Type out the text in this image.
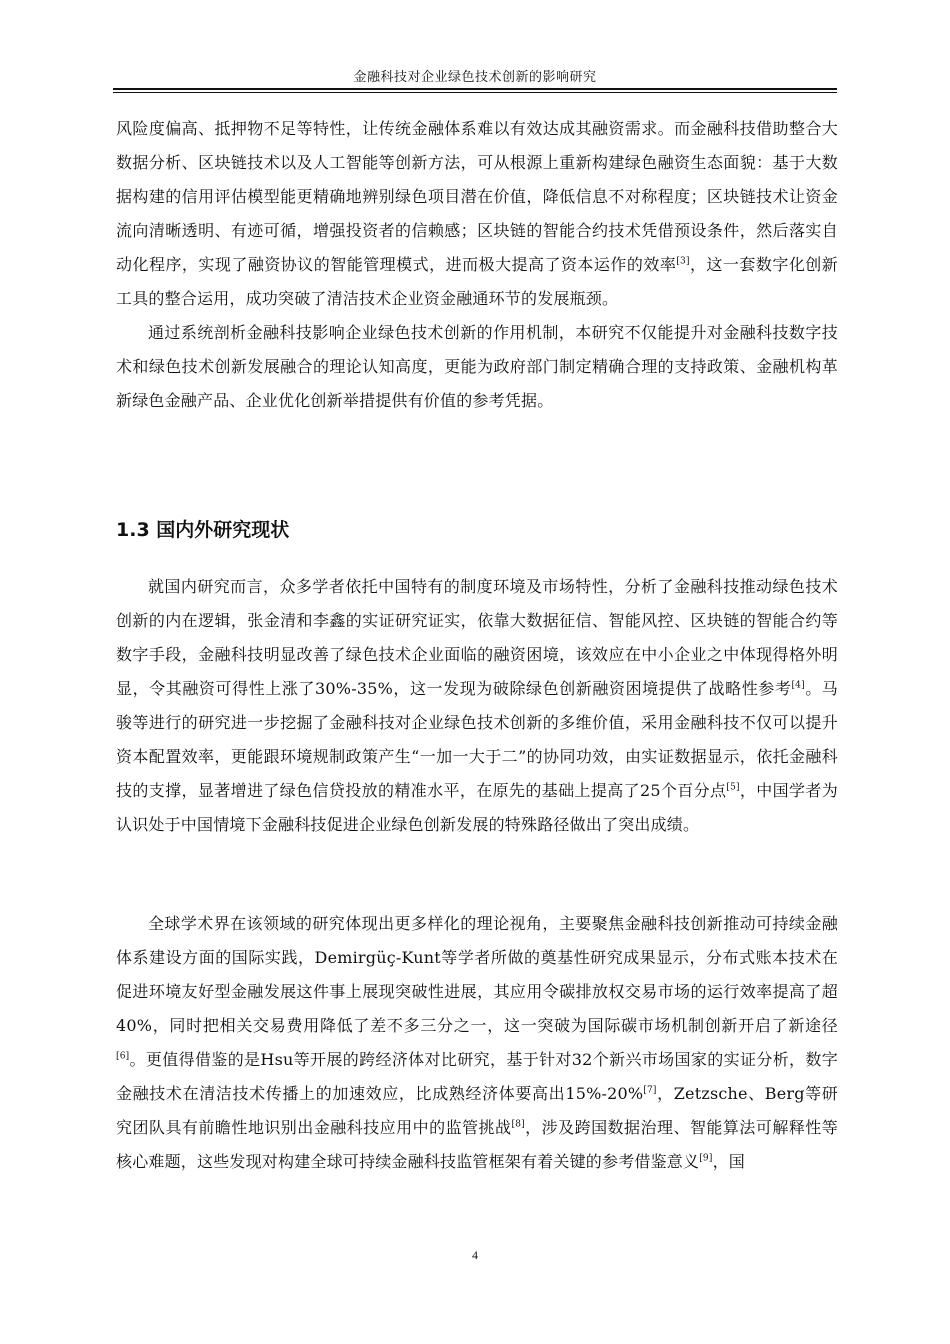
金融科技对企业绿色技术创新的影响研究

风险度偏高、抵押物不足等特性，让传统金融体系难以有效达成其融资需求。而金融科技借助整合大数据分析、区块链技术以及人工智能等创新方法，可从根源上重新构建绿色融资生态面貌：基于大数据构建的信用评估模型能更精确地辨别绿色项目潜在价值，降低信息不对称程度；区块链技术让资金流向清晰透明、有迹可循，增强投资者的信赖感；区块链的智能合约技术凭借预设条件，然后落实自动化程序，实现了融资协议的智能管理模式，进而极大提高了资本运作的效率[3]，这一套数字化创新工具的整合运用，成功突破了清洁技术企业资金融通环节的发展瓶颈。

通过系统剖析金融科技影响企业绿色技术创新的作用机制，本研究不仅能提升对金融科技数字技术和绿色技术创新发展融合的理论认知高度，更能为政府部门制定精确合理的支持政策、金融机构革新绿色金融产品、企业优化创新举措提供有价值的参考凭据。

1.3 国内外研究现状

就国内研究而言，众多学者依托中国特有的制度环境及市场特性，分析了金融科技推动绿色技术创新的内在逻辑，张金清和李鑫的实证研究证实，依靠大数据征信、智能风控、区块链的智能合约等数字手段，金融科技明显改善了绿色技术企业面临的融资困境，该效应在中小企业之中体现得格外明显，令其融资可得性上涨了30%-35%，这一发现为破除绿色创新融资困境提供了战略性参考[4]。马骏等进行的研究进一步挖掘了金融科技对企业绿色技术创新的多维价值，采用金融科技不仅可以提升资本配置效率，更能跟环境规制政策产生“一加一大于二”的协同功效，由实证数据显示，依托金融科技的支撑，显著增进了绿色信贷投放的精准水平，在原先的基础上提高了25个百分点[5]，中国学者为认识处于中国情境下金融科技促进企业绿色创新发展的特殊路径做出了突出成绩。

全球学术界在该领域的研究体现出更多样化的理论视角，主要聚焦金融科技创新推动可持续金融体系建设方面的国际实践，Demirgüç-Kunt等学者所做的奠基性研究成果显示，分布式账本技术在促进环境友好型金融发展这件事上展现突破性进展，其应用令碳排放权交易市场的运行效率提高了超40%，同时把相关交易费用降低了差不多三分之一，这一突破为国际碳市场机制创新开启了新途径[6]。更值得借鉴的是Hsu等开展的跨经济体对比研究，基于针对32个新兴市场国家的实证分析，数字金融技术在清洁技术传播上的加速效应，比成熟经济体要高出15%-20%[7]，Zetzsche、Berg等研究团队具有前瞻性地识别出金融科技应用中的监管挑战[8]，涉及跨国数据治理、智能算法可解释性等核心难题，这些发现对构建全球可持续金融科技监管框架有着关键的参考借鉴意义[9]，国

4
